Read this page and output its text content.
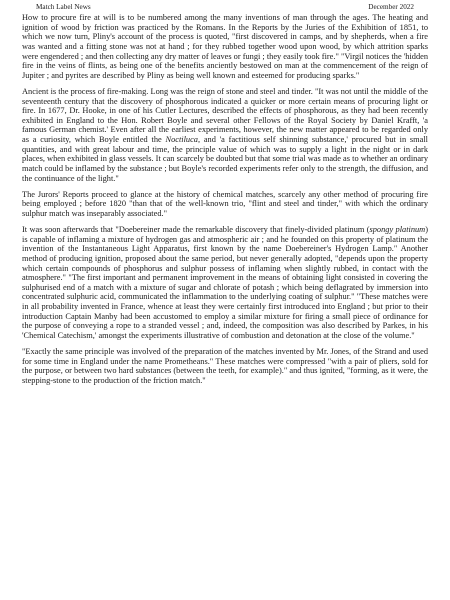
Match Label News	December 2022

How to procure fire at will is to be numbered among the many inventions of man through the ages. The heating and ignition of wood by friction was practiced by the Romans. In the Reports by the Juries of the Exhibition of 1851, to which we now turn, Pliny's account of the process is quoted, "first discovered in camps, and by shepherds, when a fire was wanted and a fitting stone was not at hand ; for they rubbed together wood upon wood, by which attrition sparks were engendered ; and then collecting any dry matter of leaves or fungi ; they easily took fire." "Virgil notices the 'hidden fire in the veins of flints, as being one of the benefits anciently bestowed on man at the commencement of the reign of Jupiter ; and pyrites are described by Pliny as being well known and esteemed for producing sparks."

Ancient is the process of fire-making. Long was the reign of stone and steel and tinder. "It was not until the middle of the seventeenth century that the discovery of phosphorous indicated a quicker or more certain means of procuring light or fire. In 1677, Dr. Hooke, in one of his Cutler Lectures, described the effects of phosphorous, as they had been recently exhibited in England to the Hon. Robert Boyle and several other Fellows of the Royal Society by Daniel Krafft, 'a famous German chemist.' Even after all the earliest experiments, however, the new matter appeared to be regarded only as a curiosity, which Boyle entitled the Noctiluca, and 'a factitious self shinning substance,' procured but in small quantities, and with great labour and time, the principle value of which was to supply a light in the night or in dark places, when exhibited in glass vessels. It can scarcely be doubted but that some trial was made as to whether an ordinary match could be inflamed by the substance ; but Boyle's recorded experiments refer only to the strength, the diffusion, and the continuance of the light."

The Jurors' Reports proceed to glance at the history of chemical matches, scarcely any other method of procuring fire being employed ; before 1820 "than that of the well-known trio, "flint and steel and tinder," with which the ordinary sulphur match was inseparably associated."

It was soon afterwards that "Doebereiner made the remarkable discovery that finely-divided platinum (spongy platinum) is capable of inflaming a mixture of hydrogen gas and atmospheric air ; and he founded on this property of platinum the invention of the Instantaneous Light Apparatus, first known by the name Doebereiner's Hydrogen Lamp." Another method of producing ignition, proposed about the same period, but never generally adopted, "depends upon the property which certain compounds of phosphorus and sulphur possess of inflaming when slightly rubbed, in contact with the atmosphere." "The first important and permanent improvement in the means of obtaining light consisted in covering the sulphurised end of a match with a mixture of sugar and chlorate of potash ; which being deflagrated by immersion into concentrated sulphuric acid, communicated the inflammation to the underlying coating of sulphur." "These matches were in all probability invented in France, whence at least they were certainly first introduced into England ; but prior to their introduction Captain Manby had been accustomed to employ a similar mixture for firing a small piece of ordinance for the purpose of conveying a rope to a stranded vessel ; and, indeed, the composition was also described by Parkes, in his 'Chemical Catechism,' amongst the experiments illustrative of combustion and detonation at the close of the volume."

"Exactly the same principle was involved of the preparation of the matches invented by Mr. Jones, of the Strand and used for some time in England under the name Prometheans." These matches were compressed "with a pair of pliers, sold for the purpose, or between two hard substances (between the teeth, for example)." and thus ignited, "forming, as it were, the stepping-stone to the production of the friction match."
